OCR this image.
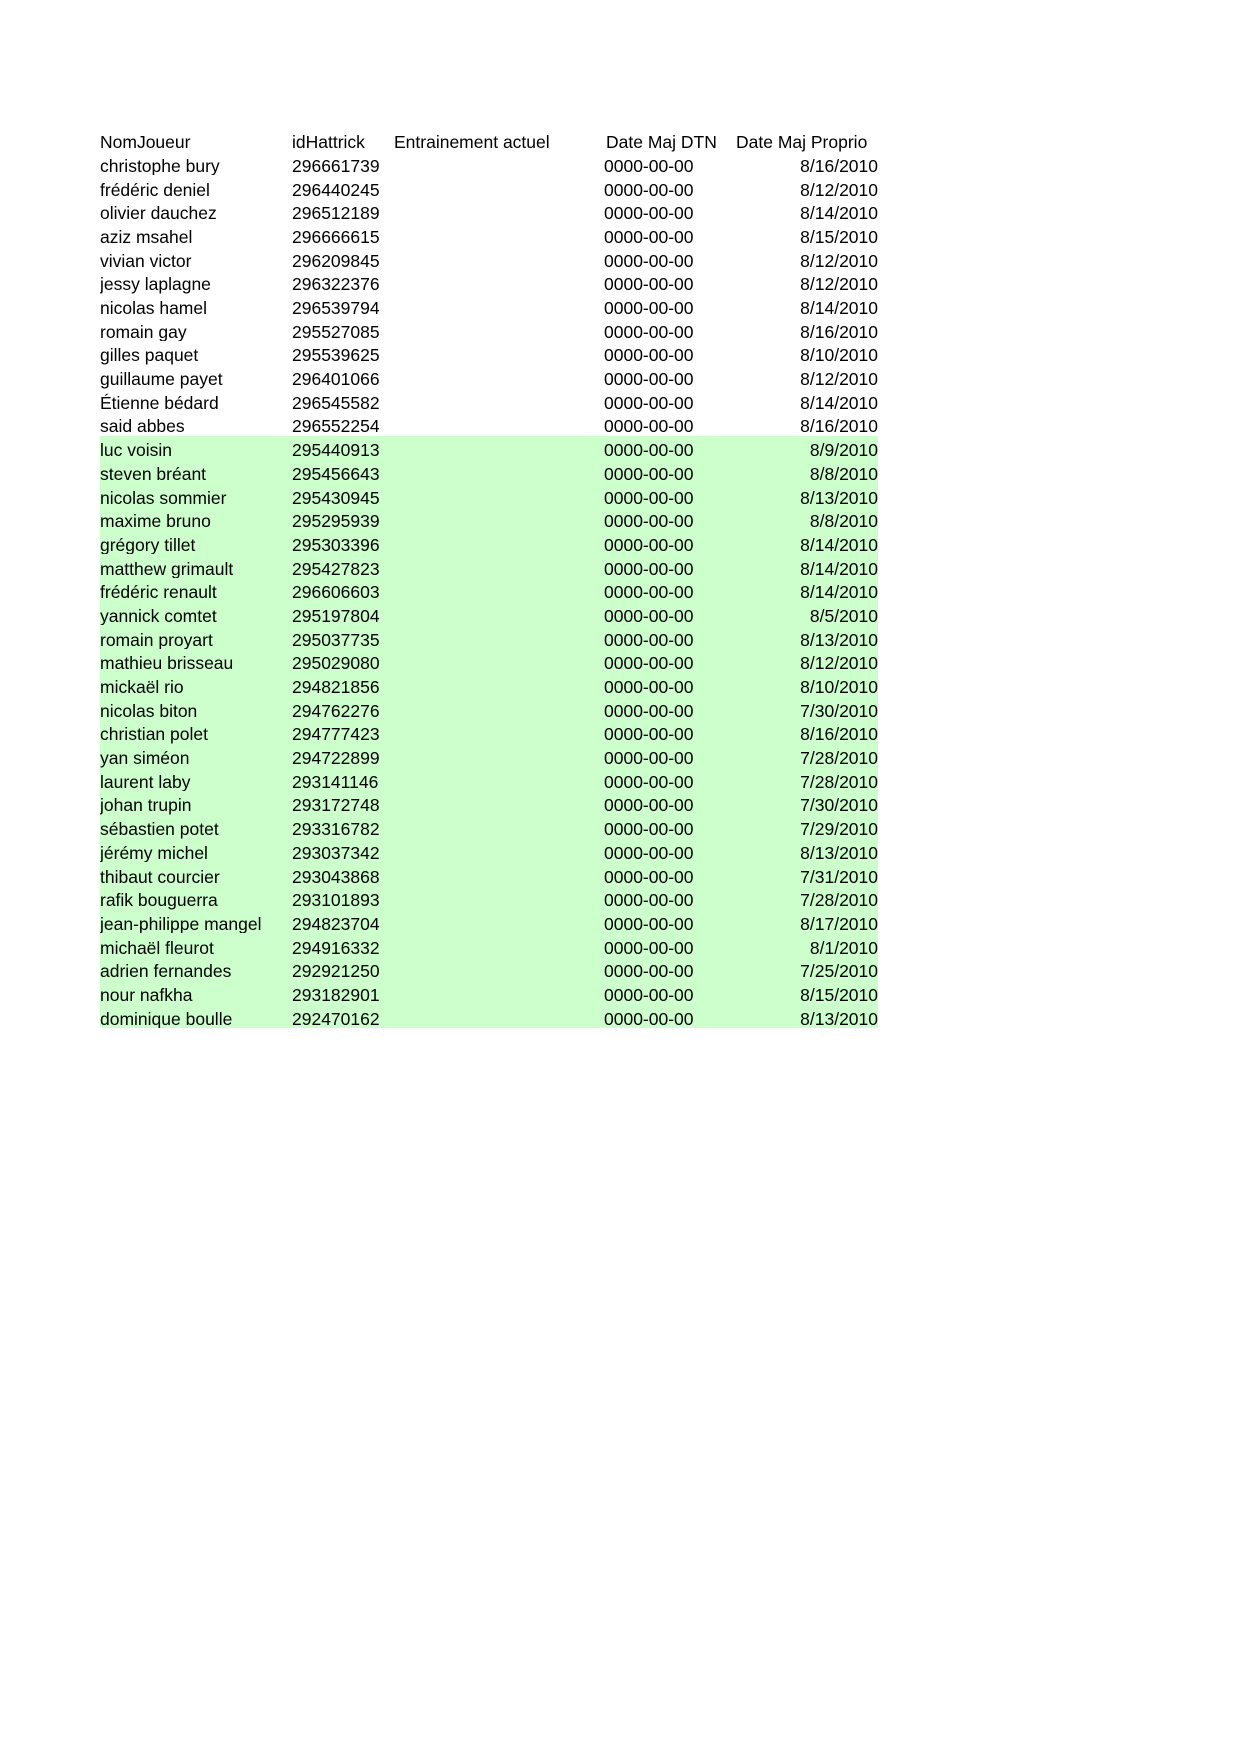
NomJoueur	idHattrick	Entrainement actuel	Date Maj DTN	Date Maj Proprio
christophe bury	296661739		0000-00-00	8/16/2010
frédéric deniel	296440245		0000-00-00	8/12/2010
olivier dauchez	296512189		0000-00-00	8/14/2010
aziz msahel	296666615		0000-00-00	8/15/2010
vivian victor	296209845		0000-00-00	8/12/2010
jessy laplagne	296322376		0000-00-00	8/12/2010
nicolas hamel	296539794		0000-00-00	8/14/2010
romain gay	295527085		0000-00-00	8/16/2010
gilles paquet	295539625		0000-00-00	8/10/2010
guillaume payet	296401066		0000-00-00	8/12/2010
Étienne bédard	296545582		0000-00-00	8/14/2010
said abbes	296552254		0000-00-00	8/16/2010
luc voisin	295440913		0000-00-00	8/9/2010
steven bréant	295456643		0000-00-00	8/8/2010
nicolas sommier	295430945		0000-00-00	8/13/2010
maxime bruno	295295939		0000-00-00	8/8/2010
grégory tillet	295303396		0000-00-00	8/14/2010
matthew grimault	295427823		0000-00-00	8/14/2010
frédéric renault	296606603		0000-00-00	8/14/2010
yannick comtet	295197804		0000-00-00	8/5/2010
romain proyart	295037735		0000-00-00	8/13/2010
mathieu brisseau	295029080		0000-00-00	8/12/2010
mickaël rio	294821856		0000-00-00	8/10/2010
nicolas biton	294762276		0000-00-00	7/30/2010
christian polet	294777423		0000-00-00	8/16/2010
yan siméon	294722899		0000-00-00	7/28/2010
laurent laby	293141146		0000-00-00	7/28/2010
johan trupin	293172748		0000-00-00	7/30/2010
sébastien potet	293316782		0000-00-00	7/29/2010
jérémy michel	293037342		0000-00-00	8/13/2010
thibaut courcier	293043868		0000-00-00	7/31/2010
rafik bouguerra	293101893		0000-00-00	7/28/2010
jean-philippe mangel	294823704		0000-00-00	8/17/2010
michaël fleurot	294916332		0000-00-00	8/1/2010
adrien fernandes	292921250		0000-00-00	7/25/2010
nour nafkha	293182901		0000-00-00	8/15/2010
dominique boulle	292470162		0000-00-00	8/13/2010
